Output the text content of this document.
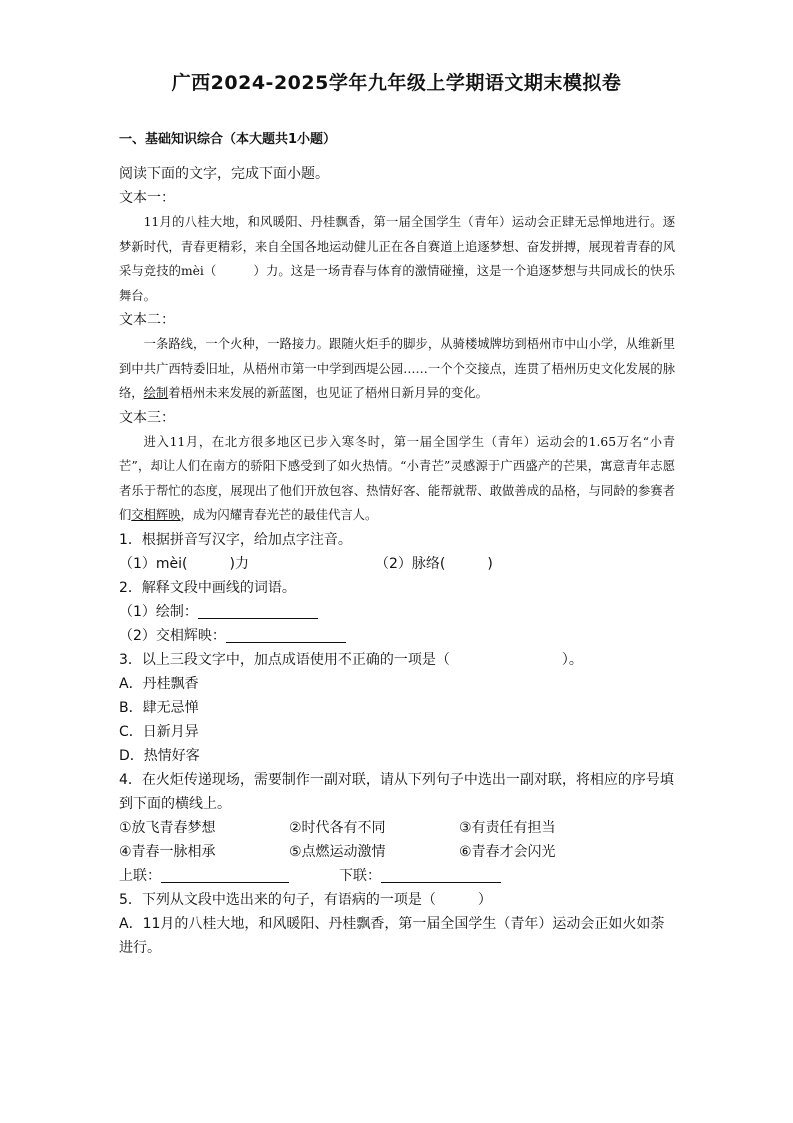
广西2024-2025学年九年级上学期语文期末模拟卷
一、基础知识综合（本大题共1小题）
阅读下面的文字，完成下面小题。
文本一：

11月的八桂大地，和风暖阳、丹桂飘香，第一届全国学生（青年）运动会正肆无忌惮地进行。逐梦新时代，青春更精彩，来自全国各地运动健儿正在各自赛道上追逐梦想、奋发拼搏，展现着青春的风采与竞技的mèi（　　　）力。这是一场青春与体育的激情碰撞，这是一个追逐梦想与共同成长的快乐舞台。

文本二：

一条路线，一个火种，一路接力。跟随火炬手的脚步，从骑楼城牌坊到梧州市中山小学，从维新里到中共广西特委旧址，从梧州市第一中学到西堤公园……一个个交接点，连贯了梧州历史文化发展的脉络，绘制着梧州未来发展的新蓝图，也见证了梧州日新月异的变化。

文本三：

进入11月，在北方很多地区已步入寒冬时，第一届全国学生（青年）运动会的1.65万名“小青芒”，却让人们在南方的骄阳下感受到了如火热情。“小青芒”灵感源于广西盛产的芒果，寓意青年志愿者乐于帮忙的态度，展现出了他们开放包容、热情好客、能帮就帮、敢做善成的品格，与同龄的参赛者们交相辉映，成为闪耀青春光芒的最佳代言人。

1．根据拼音写汉字，给加点字注音。
（1）mèi(　　　)力	（2）脉络(　　　)
2．解释文段中画线的词语。
（1）绘制：
（2）交相辉映：
3．以上三段文字中，加点成语使用不正确的一项是（　　　　　　　　）。
A．丹桂飘香
B．肆无忌惮
C．日新月异
D．热情好客
4．在火炬传递现场，需要制作一副对联，请从下列句子中选出一副对联，将相应的序号填到下面的横线上。
①放飞青春梦想	②时代各有不同	③有责任有担当
④青春一脉相承	⑤点燃运动激情	⑥青春才会闪光
上联：	下联：
5．下列从文段中选出来的句子，有语病的一项是（　　　）
A．11月的八桂大地，和风暖阳、丹桂飘香，第一届全国学生（青年）运动会正如火如荼进行。
